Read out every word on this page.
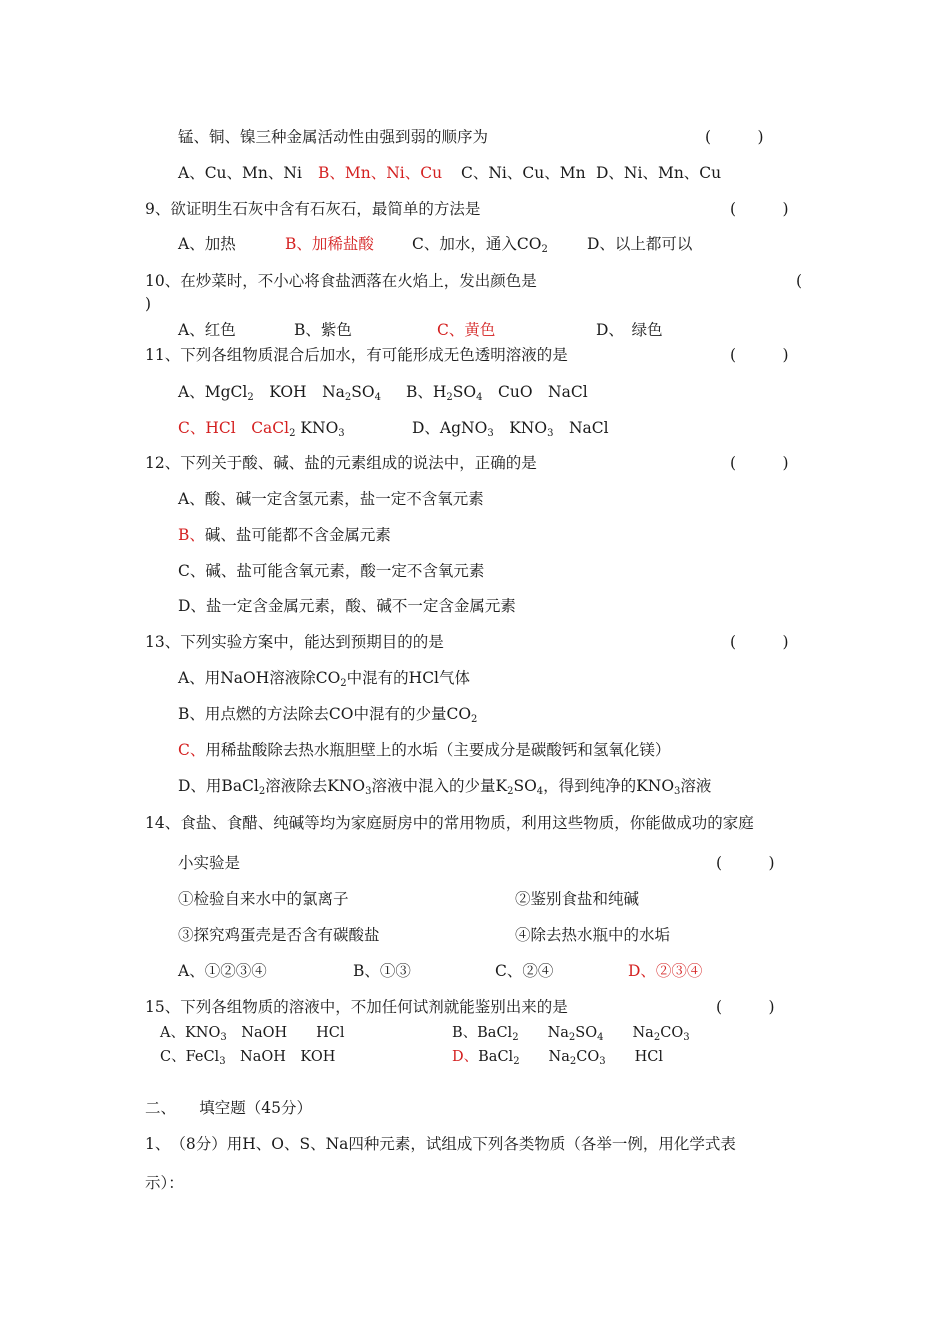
锰、铜、镍三种金属活动性由强到弱的顺序为	(　　　)
A、Cu、Mn、Ni B、Mn、Ni、Cu C、Ni、Cu、Mn D、Ni、Mn、Cu
9、欲证明生石灰中含有石灰石，最简单的方法是	(　　　)
A、加热	B、加稀盐酸 C、加水，通入$CO_2$	D、以上都可以
10、在炒菜时，不小心将食盐洒落在火焰上，发出颜色是	(
)
A、红色	B、紫色	C、黄色	D、　绿色
11、下列各组物质混合后加水，有可能形成无色透明溶液的是	(　　　)
A、MgCl$_2$　KOH　$Na_2SO_4$ B、$H_2SO_4$　CuO　NaCl
C、HCl　CaCl$_2$ $KNO_3$	D、AgNO$_3$　$KNO_3$　NaCl
12、下列关于酸、碱、盐的元素组成的说法中，正确的是	(　　　)
A、酸、碱一定含氢元素，盐一定不含氧元素
B、碱、盐可能都不含金属元素
C、碱、盐可能含氧元素，酸一定不含氧元素
D、盐一定含金属元素，酸、碱不一定含金属元素
13、下列实验方案中，能达到预期目的的是	(　　　)
A、用NaOH溶液除$CO_2$中混有的HCl气体
B、用点燃的方法除去CO中混有的少量$CO_2$
C、用稀盐酸除去热水瓶胆壁上的水垢（主要成分是碳酸钙和氢氧化镁）
D、用BaCl$_2$溶液除去$KNO_3$溶液中混入的少量$K_2SO_4$，得到纯净的$KNO_3$溶液
14、食盐、食醋、纯碱等均为家庭厨房中的常用物质，利用这些物质，你能做成功的家庭
小实验是	(　　　)
①检验自来水中的氯离子	②鉴别食盐和纯碱
③探究鸡蛋壳是否含有碳酸盐	④除去热水瓶中的水垢
A、①②③④	B、①③	C、②④	D、②③④
15、下列各组物质的溶液中，不加任何试剂就能鉴别出来的是	(　　　)
A、$KNO_3$　NaOH　　HCl	B、BaCl$_2$　　$Na_2SO_4$　　$Na_2CO_3$
C、FeCl$_3$　NaOH　KOH	D、BaCl$_2$　　$Na_2CO_3$　　HCl
二、　　填空题（45分）
1、　（8分）用H、O、S、Na四种元素，试组成下列各类物质（各举一例，用化学式表
示）：
